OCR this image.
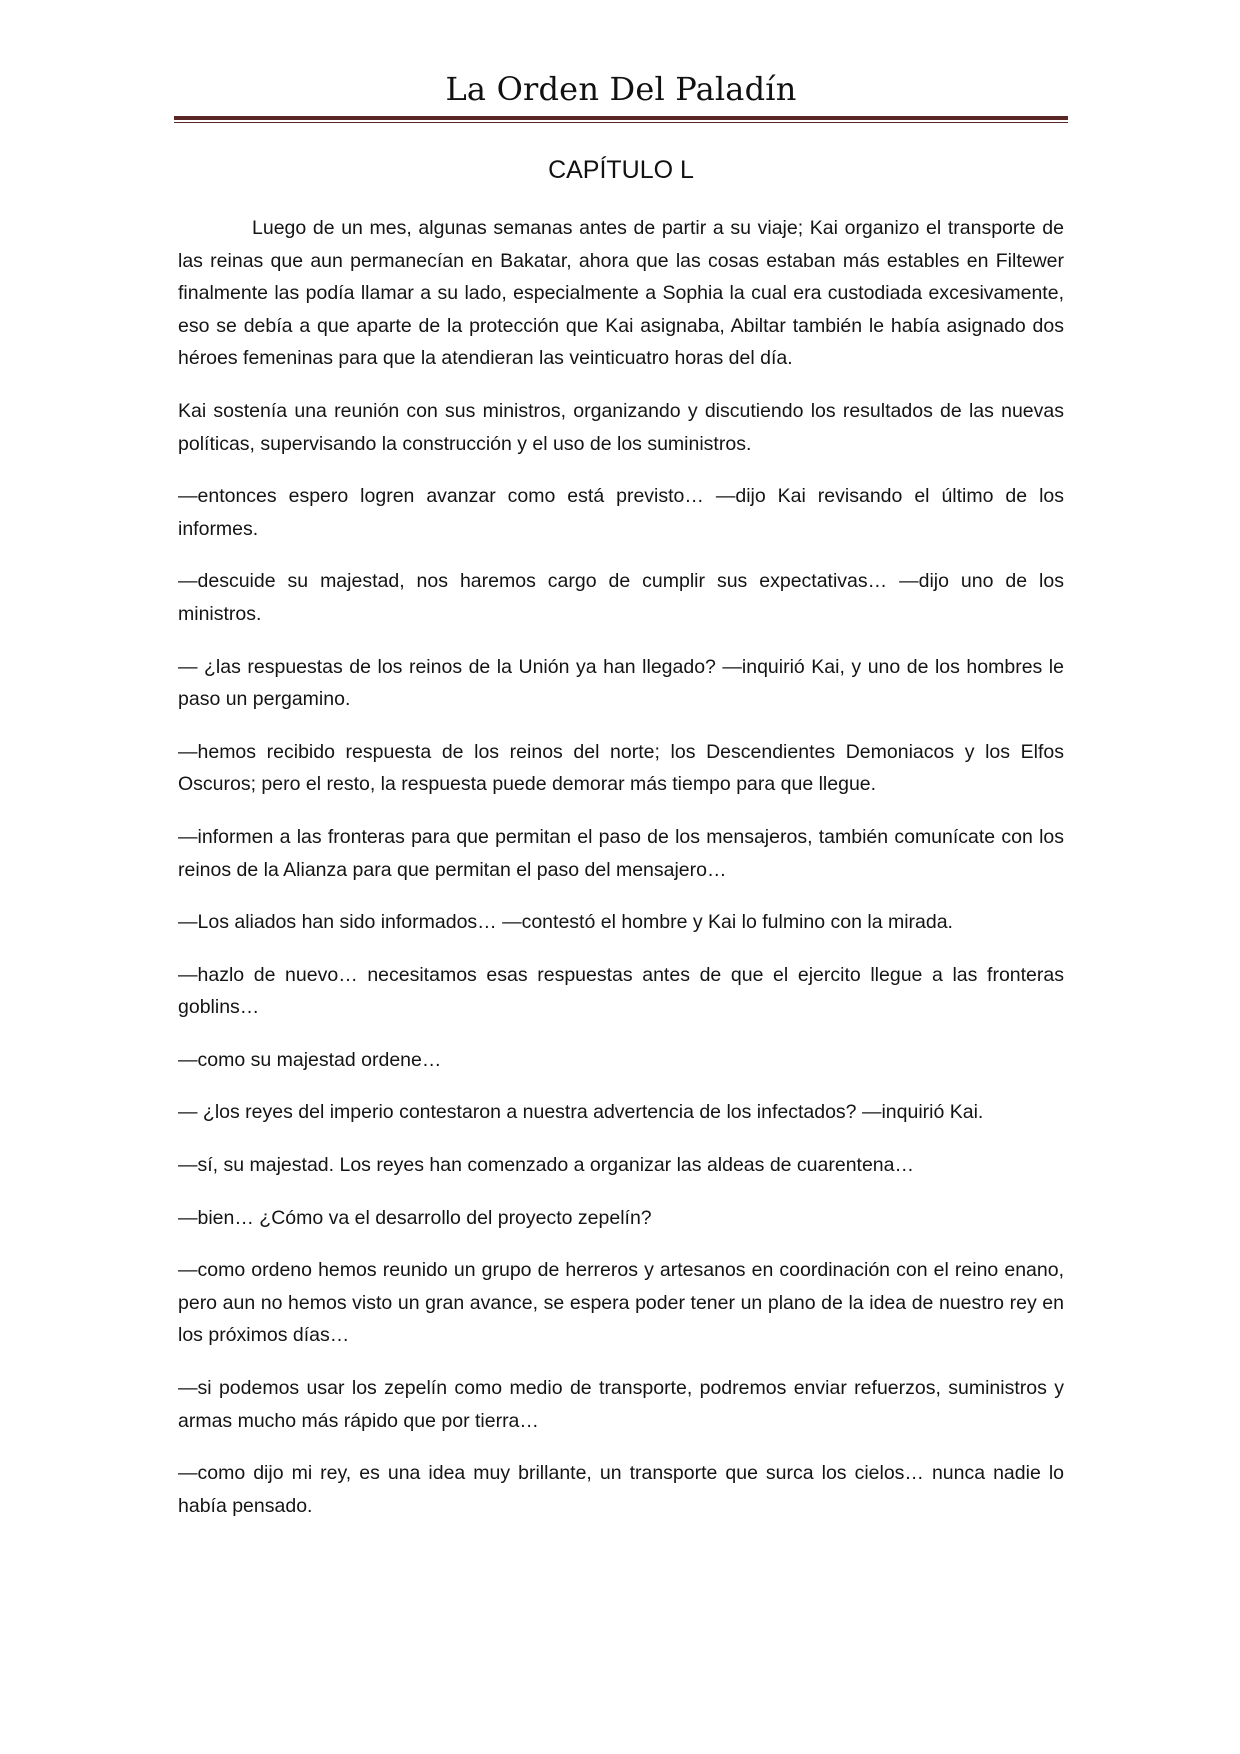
La Orden Del Paladín
CAPÍTULO L

Luego de un mes, algunas semanas antes de partir a su viaje; Kai organizo el transporte de las reinas que aun permanecían en Bakatar, ahora que las cosas estaban más estables en Filtewer finalmente las podía llamar a su lado, especialmente a Sophia la cual era custodiada excesivamente, eso se debía a que aparte de la protección que Kai asignaba, Abiltar también le había asignado dos héroes femeninas para que la atendieran las veinticuatro horas del día.

Kai sostenía una reunión con sus ministros, organizando y discutiendo los resultados de las nuevas políticas, supervisando la construcción y el uso de los suministros.

—entonces espero logren avanzar como está previsto… —dijo Kai revisando el último de los informes.

—descuide su majestad, nos haremos cargo de cumplir sus expectativas… —dijo uno de los ministros.

— ¿las respuestas de los reinos de la Unión ya han llegado? —inquirió Kai, y uno de los hombres le paso un pergamino.

—hemos recibido respuesta de los reinos del norte; los Descendientes Demoniacos y los Elfos Oscuros; pero el resto, la respuesta puede demorar más tiempo para que llegue.

—informen a las fronteras para que permitan el paso de los mensajeros, también comunícate con los reinos de la Alianza para que permitan el paso del mensajero…

—Los aliados han sido informados… —contestó el hombre y Kai lo fulmino con la mirada.

—hazlo de nuevo… necesitamos esas respuestas antes de que el ejercito llegue a las fronteras goblins…

—como su majestad ordene…

— ¿los reyes del imperio contestaron a nuestra advertencia de los infectados? —inquirió Kai.

—sí, su majestad. Los reyes han comenzado a organizar las aldeas de cuarentena…

—bien… ¿Cómo va el desarrollo del proyecto zepelín?

—como ordeno hemos reunido un grupo de herreros y artesanos en coordinación con el reino enano, pero aun no hemos visto un gran avance, se espera poder tener un plano de la idea de nuestro rey en los próximos días…

—si podemos usar los zepelín como medio de transporte, podremos enviar refuerzos, suministros y armas mucho más rápido que por tierra…

—como dijo mi rey, es una idea muy brillante, un transporte que surca los cielos… nunca nadie lo había pensado.
